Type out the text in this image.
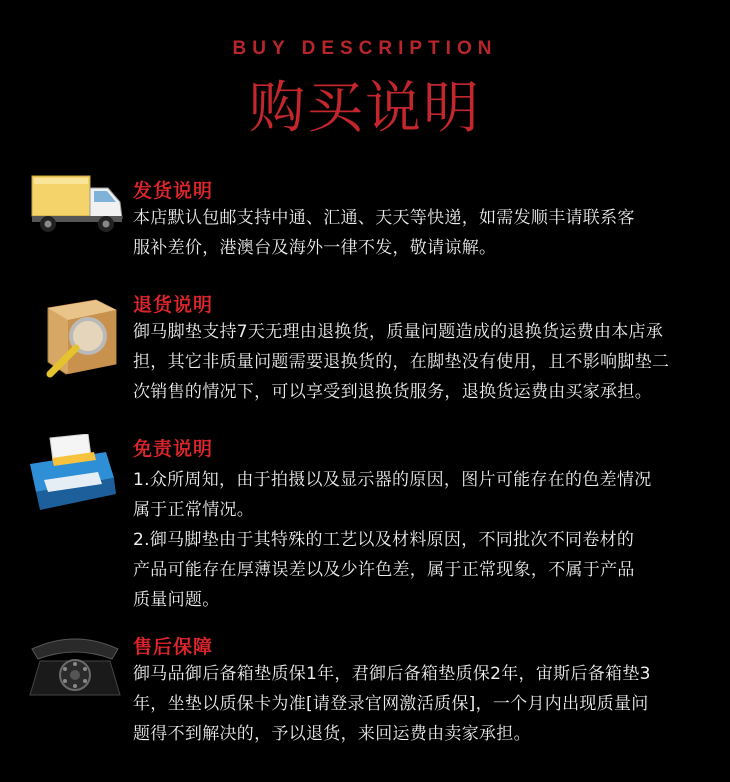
BUY DESCRIPTION
购买说明
发货说明

本店默认包邮支持中通、汇通、天天等快递，如需发顺丰请联系客

服补差价，港澳台及海外一律不发，敬请谅解。

退货说明

御马脚垫支持7天无理由退换货，质量问题造成的退换货运费由本店承

担，其它非质量问题需要退换货的，在脚垫没有使用，且不影响脚垫二

次销售的情况下，可以享受到退换货服务，退换货运费由买家承担。

免责说明

1.众所周知，由于拍摄以及显示器的原因，图片可能存在的色差情况

属于正常情况。

2.御马脚垫由于其特殊的工艺以及材料原因，不同批次不同卷材的

产品可能存在厚薄误差以及少许色差，属于正常现象，不属于产品

质量问题。

售后保障

御马品御后备箱垫质保1年，君御后备箱垫质保2年，宙斯后备箱垫3

年，坐垫以质保卡为准[请登录官网激活质保]，一个月内出现质量问

题得不到解决的，予以退货，来回运费由卖家承担。
